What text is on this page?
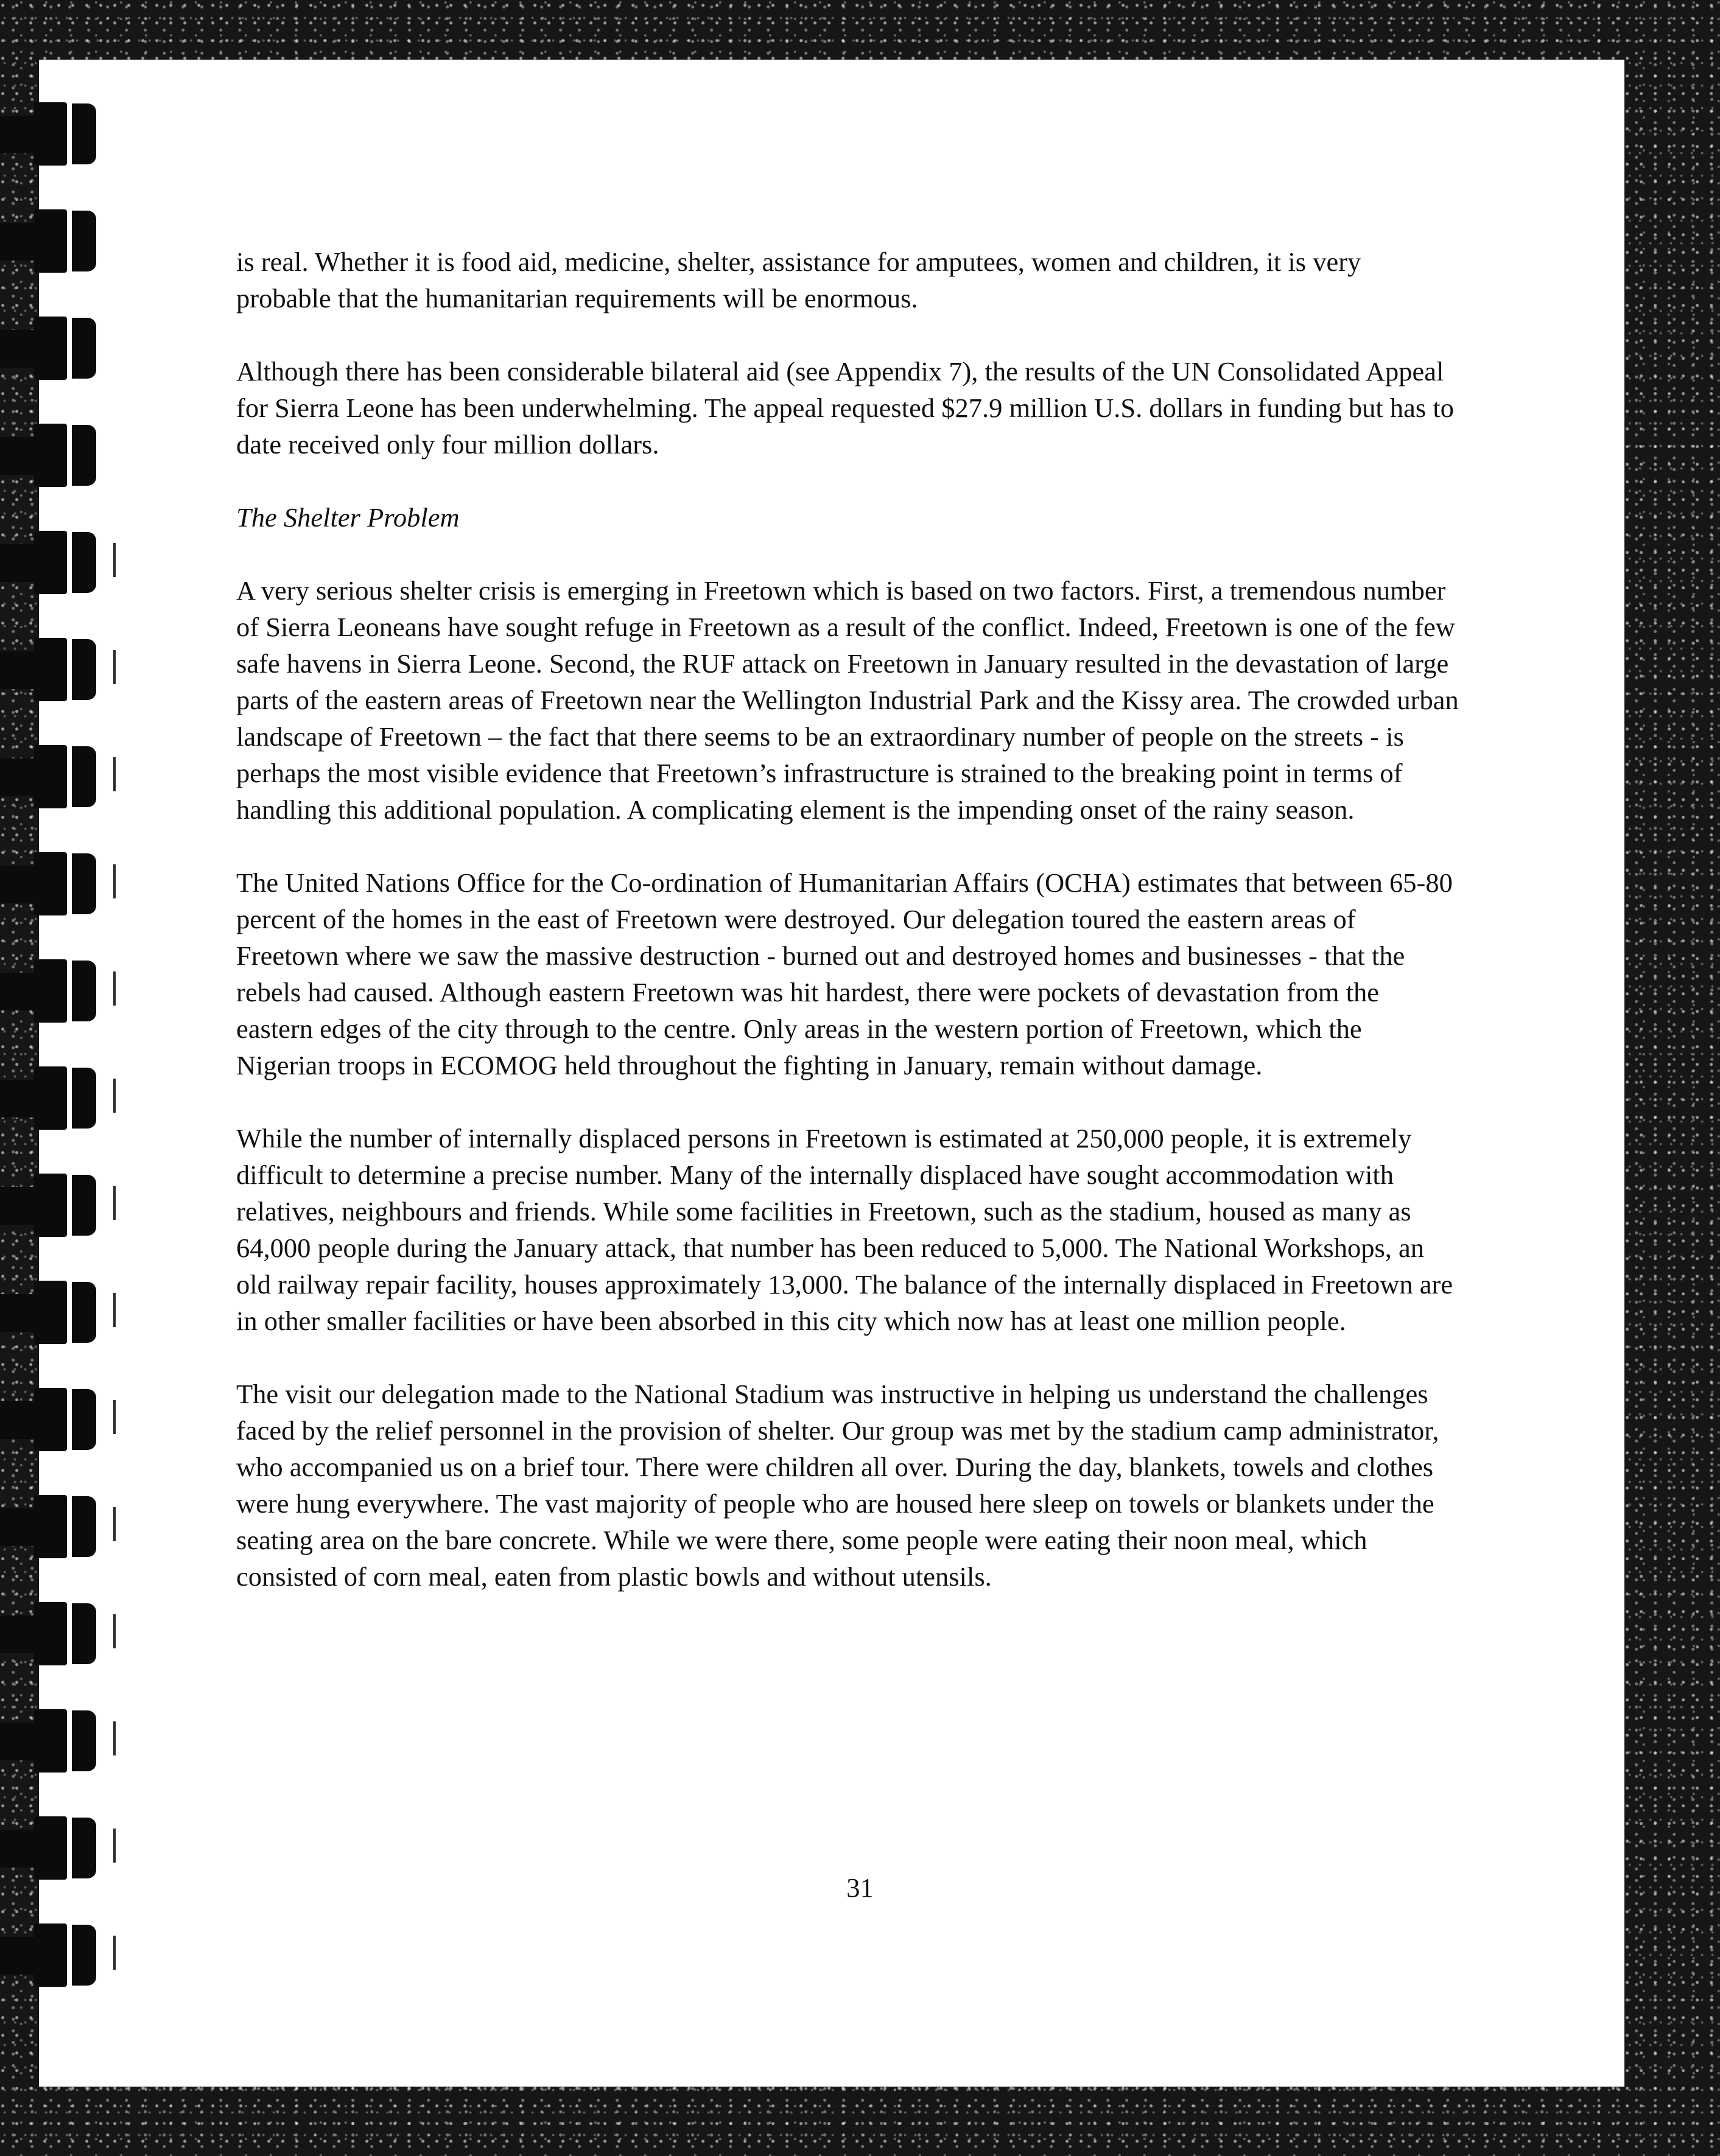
is real. Whether it is food aid, medicine, shelter, assistance for amputees, women and children, it is very probable that the humanitarian requirements will be enormous.

Although there has been considerable bilateral aid (see Appendix 7), the results of the UN Consolidated Appeal for Sierra Leone has been underwhelming. The appeal requested $27.9 million U.S. dollars in funding but has to date received only four million dollars.

The Shelter Problem

A very serious shelter crisis is emerging in Freetown which is based on two factors. First, a tremendous number of Sierra Leoneans have sought refuge in Freetown as a result of the conflict. Indeed, Freetown is one of the few safe havens in Sierra Leone. Second, the RUF attack on Freetown in January resulted in the devastation of large parts of the eastern areas of Freetown near the Wellington Industrial Park and the Kissy area. The crowded urban landscape of Freetown – the fact that there seems to be an extraordinary number of people on the streets - is perhaps the most visible evidence that Freetown’s infrastructure is strained to the breaking point in terms of handling this additional population. A complicating element is the impending onset of the rainy season.

The United Nations Office for the Co-ordination of Humanitarian Affairs (OCHA) estimates that between 65-80 percent of the homes in the east of Freetown were destroyed. Our delegation toured the eastern areas of Freetown where we saw the massive destruction - burned out and destroyed homes and businesses - that the rebels had caused. Although eastern Freetown was hit hardest, there were pockets of devastation from the eastern edges of the city through to the centre. Only areas in the western portion of Freetown, which the Nigerian troops in ECOMOG held throughout the fighting in January, remain without damage.

While the number of internally displaced persons in Freetown is estimated at 250,000 people, it is extremely difficult to determine a precise number. Many of the internally displaced have sought accommodation with relatives, neighbours and friends. While some facilities in Freetown, such as the stadium, housed as many as 64,000 people during the January attack, that number has been reduced to 5,000. The National Workshops, an old railway repair facility, houses approximately 13,000. The balance of the internally displaced in Freetown are in other smaller facilities or have been absorbed in this city which now has at least one million people.

The visit our delegation made to the National Stadium was instructive in helping us understand the challenges faced by the relief personnel in the provision of shelter. Our group was met by the stadium camp administrator, who accompanied us on a brief tour. There were children all over. During the day, blankets, towels and clothes were hung everywhere. The vast majority of people who are housed here sleep on towels or blankets under the seating area on the bare concrete. While we were there, some people were eating their noon meal, which consisted of corn meal, eaten from plastic bowls and without utensils.

31
